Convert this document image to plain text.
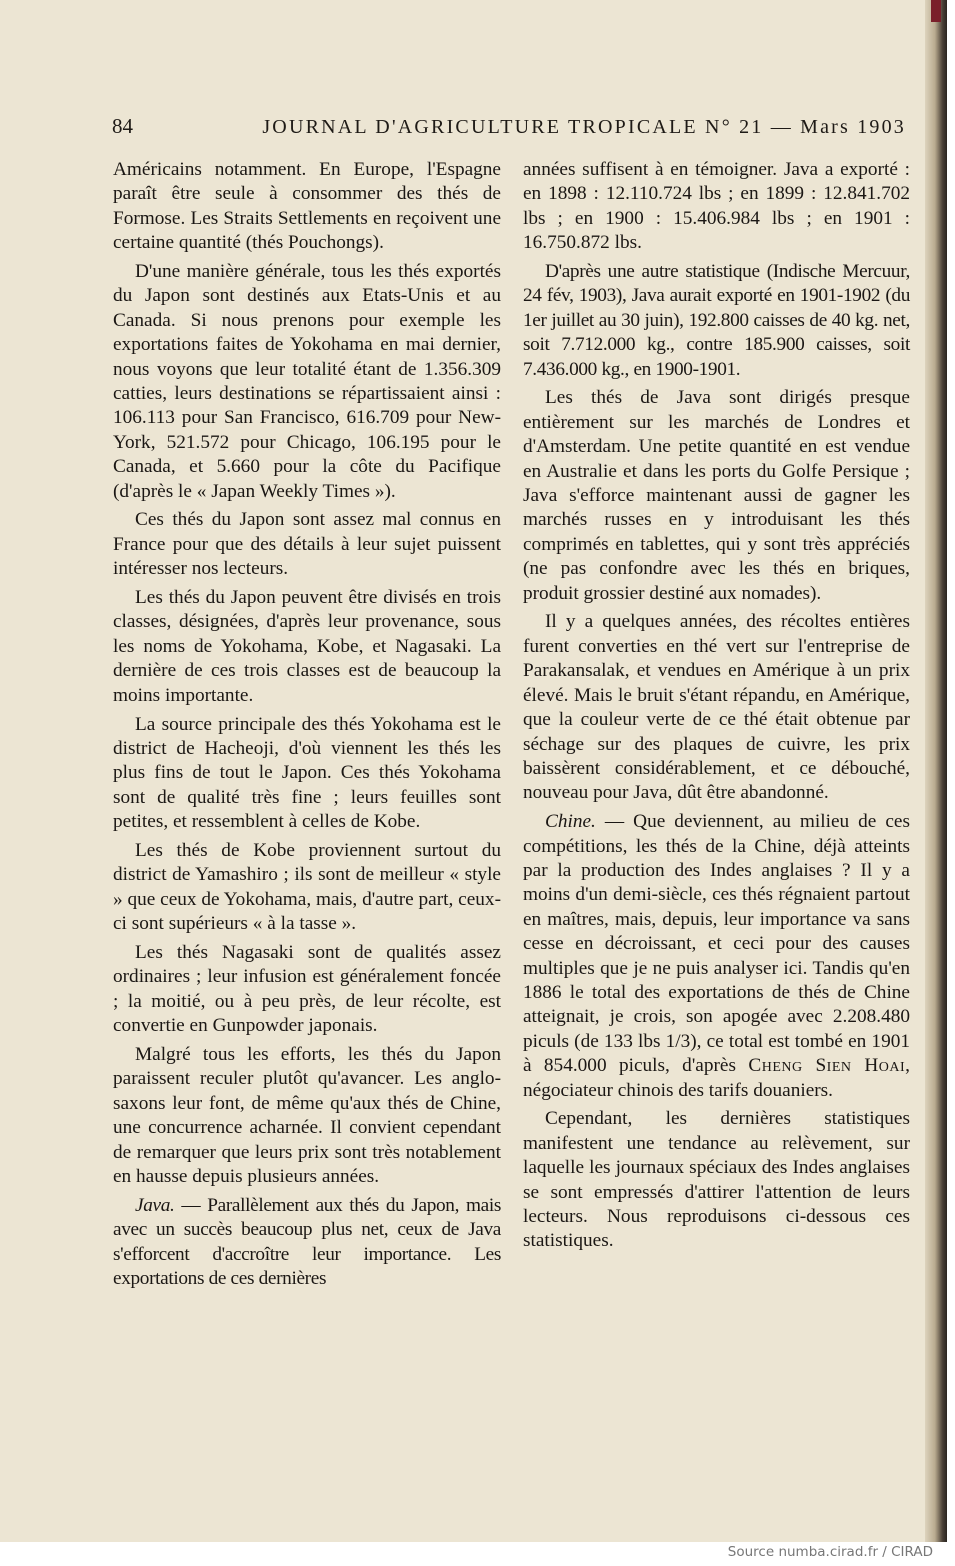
84	JOURNAL D'AGRICULTURE TROPICALE N° 21 — Mars 1903

Américains notamment. En Europe, l'Espagne paraît être seule à consommer des thés de Formose. Les Straits Settlements en reçoivent une certaine quantité (thés Pouchongs).

D'une manière générale, tous les thés exportés du Japon sont destinés aux Etats-Unis et au Canada. Si nous prenons pour exemple les exportations faites de Yokohama en mai dernier, nous voyons que leur totalité étant de 1.356.309 catties, leurs destinations se répartissaient ainsi : 106.113 pour San Francisco, 616.709 pour New-York, 521.572 pour Chicago, 106.195 pour le Canada, et 5.660 pour la côte du Pacifique (d'après le « Japan Weekly Times »).

Ces thés du Japon sont assez mal connus en France pour que des détails à leur sujet puissent intéresser nos lecteurs.

Les thés du Japon peuvent être divisés en trois classes, désignées, d'après leur provenance, sous les noms de Yokohama, Kobe, et Nagasaki. La dernière de ces trois classes est de beaucoup la moins importante.

La source principale des thés Yokohama est le district de Hacheoji, d'où viennent les thés les plus fins de tout le Japon. Ces thés Yokohama sont de qualité très fine ; leurs feuilles sont petites, et ressemblent à celles de Kobe.

Les thés de Kobe proviennent surtout du district de Yamashiro ; ils sont de meilleur « style » que ceux de Yokohama, mais, d'autre part, ceux-ci sont supérieurs « à la tasse ».

Les thés Nagasaki sont de qualités assez ordinaires ; leur infusion est généralement foncée ; la moitié, ou à peu près, de leur récolte, est convertie en Gunpowder japonais.

Malgré tous les efforts, les thés du Japon paraissent reculer plutôt qu'avancer. Les anglo-saxons leur font, de même qu'aux thés de Chine, une concurrence acharnée. Il convient cependant de remarquer que leurs prix sont très notablement en hausse depuis plusieurs années.

Java. — Parallèlement aux thés du Japon, mais avec un succès beaucoup plus net, ceux de Java s'efforcent d'accroître leur importance. Les exportations de ces dernières

années suffisent à en témoigner. Java a exporté : en 1898 : 12.110.724 lbs ; en 1899 : 12.841.702 lbs ; en 1900 : 15.406.984 lbs ; en 1901 : 16.750.872 lbs.

D'après une autre statistique (Indische Mercuur, 24 fév, 1903), Java aurait exporté en 1901-1902 (du 1er juillet au 30 juin), 192.800 caisses de 40 kg. net, soit 7.712.000 kg., contre 185.900 caisses, soit 7.436.000 kg., en 1900-1901.

Les thés de Java sont dirigés presque entièrement sur les marchés de Londres et d'Amsterdam. Une petite quantité en est vendue en Australie et dans les ports du Golfe Persique ; Java s'efforce maintenant aussi de gagner les marchés russes en y introduisant les thés comprimés en tablettes, qui y sont très appréciés (ne pas confondre avec les thés en briques, produit grossier destiné aux nomades).

Il y a quelques années, des récoltes entières furent converties en thé vert sur l'entreprise de Parakansalak, et vendues en Amérique à un prix élevé. Mais le bruit s'étant répandu, en Amérique, que la couleur verte de ce thé était obtenue par séchage sur des plaques de cuivre, les prix baissèrent considérablement, et ce débouché, nouveau pour Java, dût être abandonné.

Chine. — Que deviennent, au milieu de ces compétitions, les thés de la Chine, déjà atteints par la production des Indes anglaises ? Il y a moins d'un demi-siècle, ces thés régnaient partout en maîtres, mais, depuis, leur importance va sans cesse en décroissant, et ceci pour des causes multiples que je ne puis analyser ici. Tandis qu'en 1886 le total des exportations de thés de Chine atteignait, je crois, son apogée avec 2.208.480 piculs (de 133 lbs 1/3), ce total est tombé en 1901 à 854.000 piculs, d'après Cheng Sien Hoai, négociateur chinois des tarifs douaniers.

Cependant, les dernières statistiques manifestent une tendance au relèvement, sur laquelle les journaux spéciaux des Indes anglaises se sont empressés d'attirer l'attention de leurs lecteurs. Nous reproduisons ci-dessous ces statistiques.

Source numba.cirad.fr / CIRAD
